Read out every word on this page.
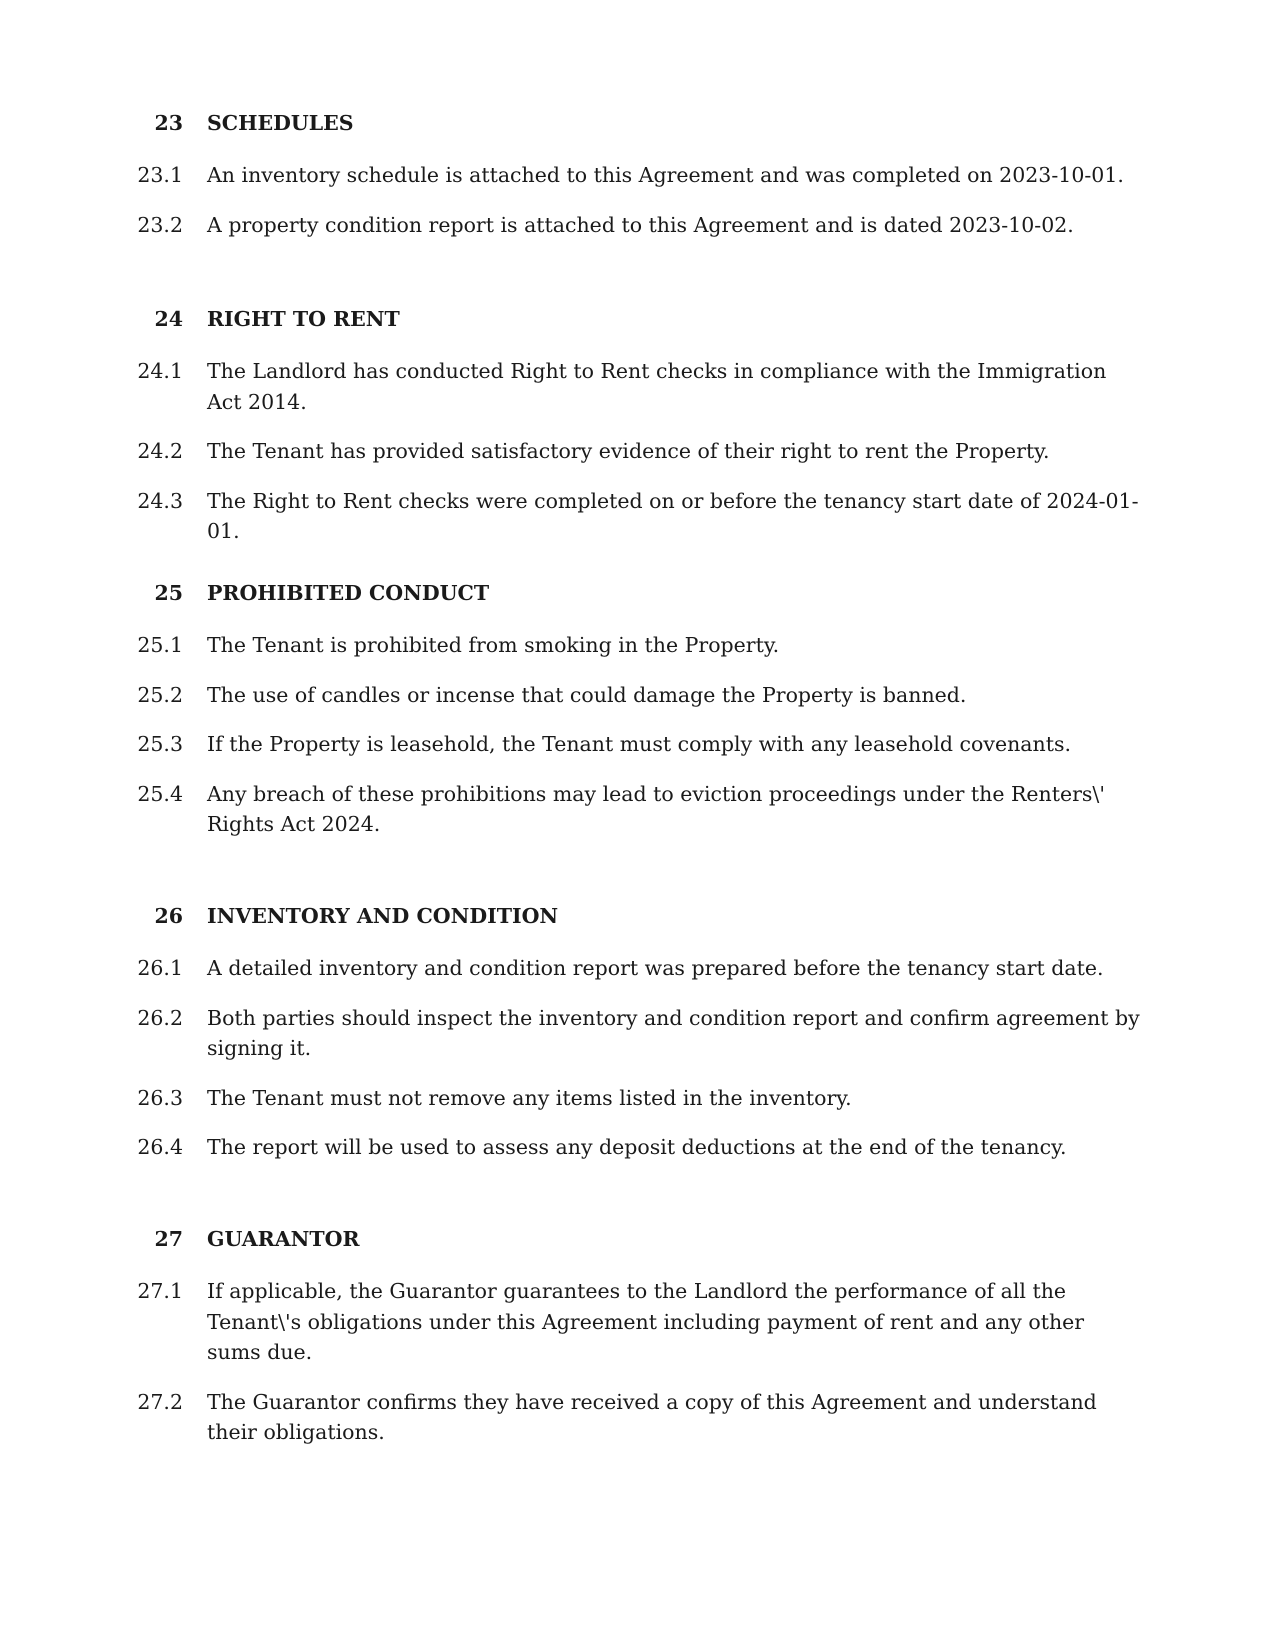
23	SCHEDULES
23.1	An inventory schedule is attached to this Agreement and was completed on 2023-10-01.
23.2	A property condition report is attached to this Agreement and is dated 2023-10-02.
24	RIGHT TO RENT
24.1	The Landlord has conducted Right to Rent checks in compliance with the Immigration Act 2014.
24.2	The Tenant has provided satisfactory evidence of their right to rent the Property.
24.3	The Right to Rent checks were completed on or before the tenancy start date of 2024-01-01.
25	PROHIBITED CONDUCT
25.1	The Tenant is prohibited from smoking in the Property.
25.2	The use of candles or incense that could damage the Property is banned.
25.3	If the Property is leasehold, the Tenant must comply with any leasehold covenants.
25.4	Any breach of these prohibitions may lead to eviction proceedings under the Renters\' Rights Act 2024.
26	INVENTORY AND CONDITION
26.1	A detailed inventory and condition report was prepared before the tenancy start date.
26.2	Both parties should inspect the inventory and condition report and confirm agreement by signing it.
26.3	The Tenant must not remove any items listed in the inventory.
26.4	The report will be used to assess any deposit deductions at the end of the tenancy.
27	GUARANTOR
27.1	If applicable, the Guarantor guarantees to the Landlord the performance of all the Tenant\'s obligations under this Agreement including payment of rent and any other sums due.
27.2	The Guarantor confirms they have received a copy of this Agreement and understand their obligations.
